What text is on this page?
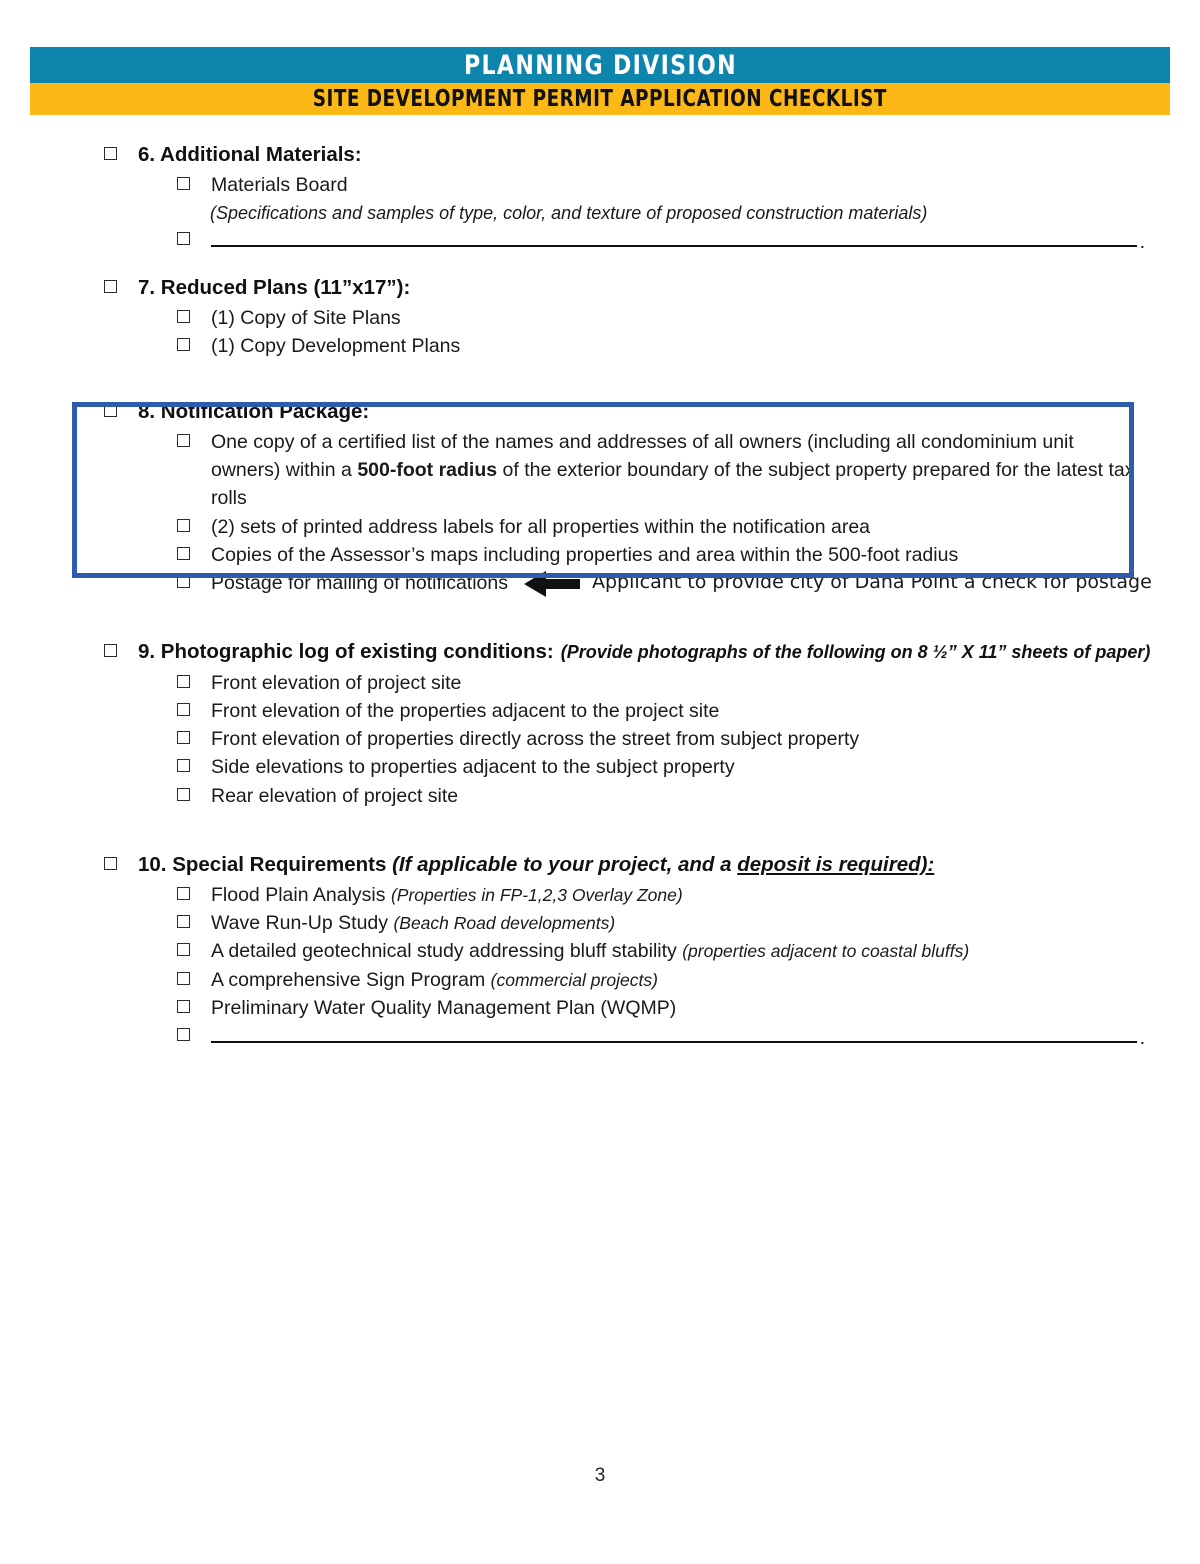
PLANNING DIVISION
SITE DEVELOPMENT PERMIT APPLICATION CHECKLIST
6. Additional Materials:
Materials Board
(Specifications and samples of type, color, and texture of proposed construction materials)
.
7. Reduced Plans (11”x17”):
(1) Copy of Site Plans
(1) Copy Development Plans
8. Notification Package:
One copy of a certified list of the names and addresses of all owners (including all condominium unit owners) within a 500-foot radius of the exterior boundary of the subject property prepared for the latest tax rolls
(2) sets of printed address labels for all properties within the notification area
Copies of the Assessor’s maps including properties and area within the 500-foot radius
Postage for mailing of notifications	Applicant to provide city of Dana Point a check for postage
9. Photographic log of existing conditions: (Provide photographs of the following on 8 ½” X 11” sheets of paper)
Front elevation of project site
Front elevation of the properties adjacent to the project site
Front elevation of properties directly across the street from subject property
Side elevations to properties adjacent to the subject property
Rear elevation of project site
10. Special Requirements (If applicable to your project, and a deposit is required):
Flood Plain Analysis (Properties in FP-1,2,3 Overlay Zone)
Wave Run-Up Study (Beach Road developments)
A detailed geotechnical study addressing bluff stability (properties adjacent to coastal bluffs)
A comprehensive Sign Program (commercial projects)
Preliminary Water Quality Management Plan (WQMP)
.
3
